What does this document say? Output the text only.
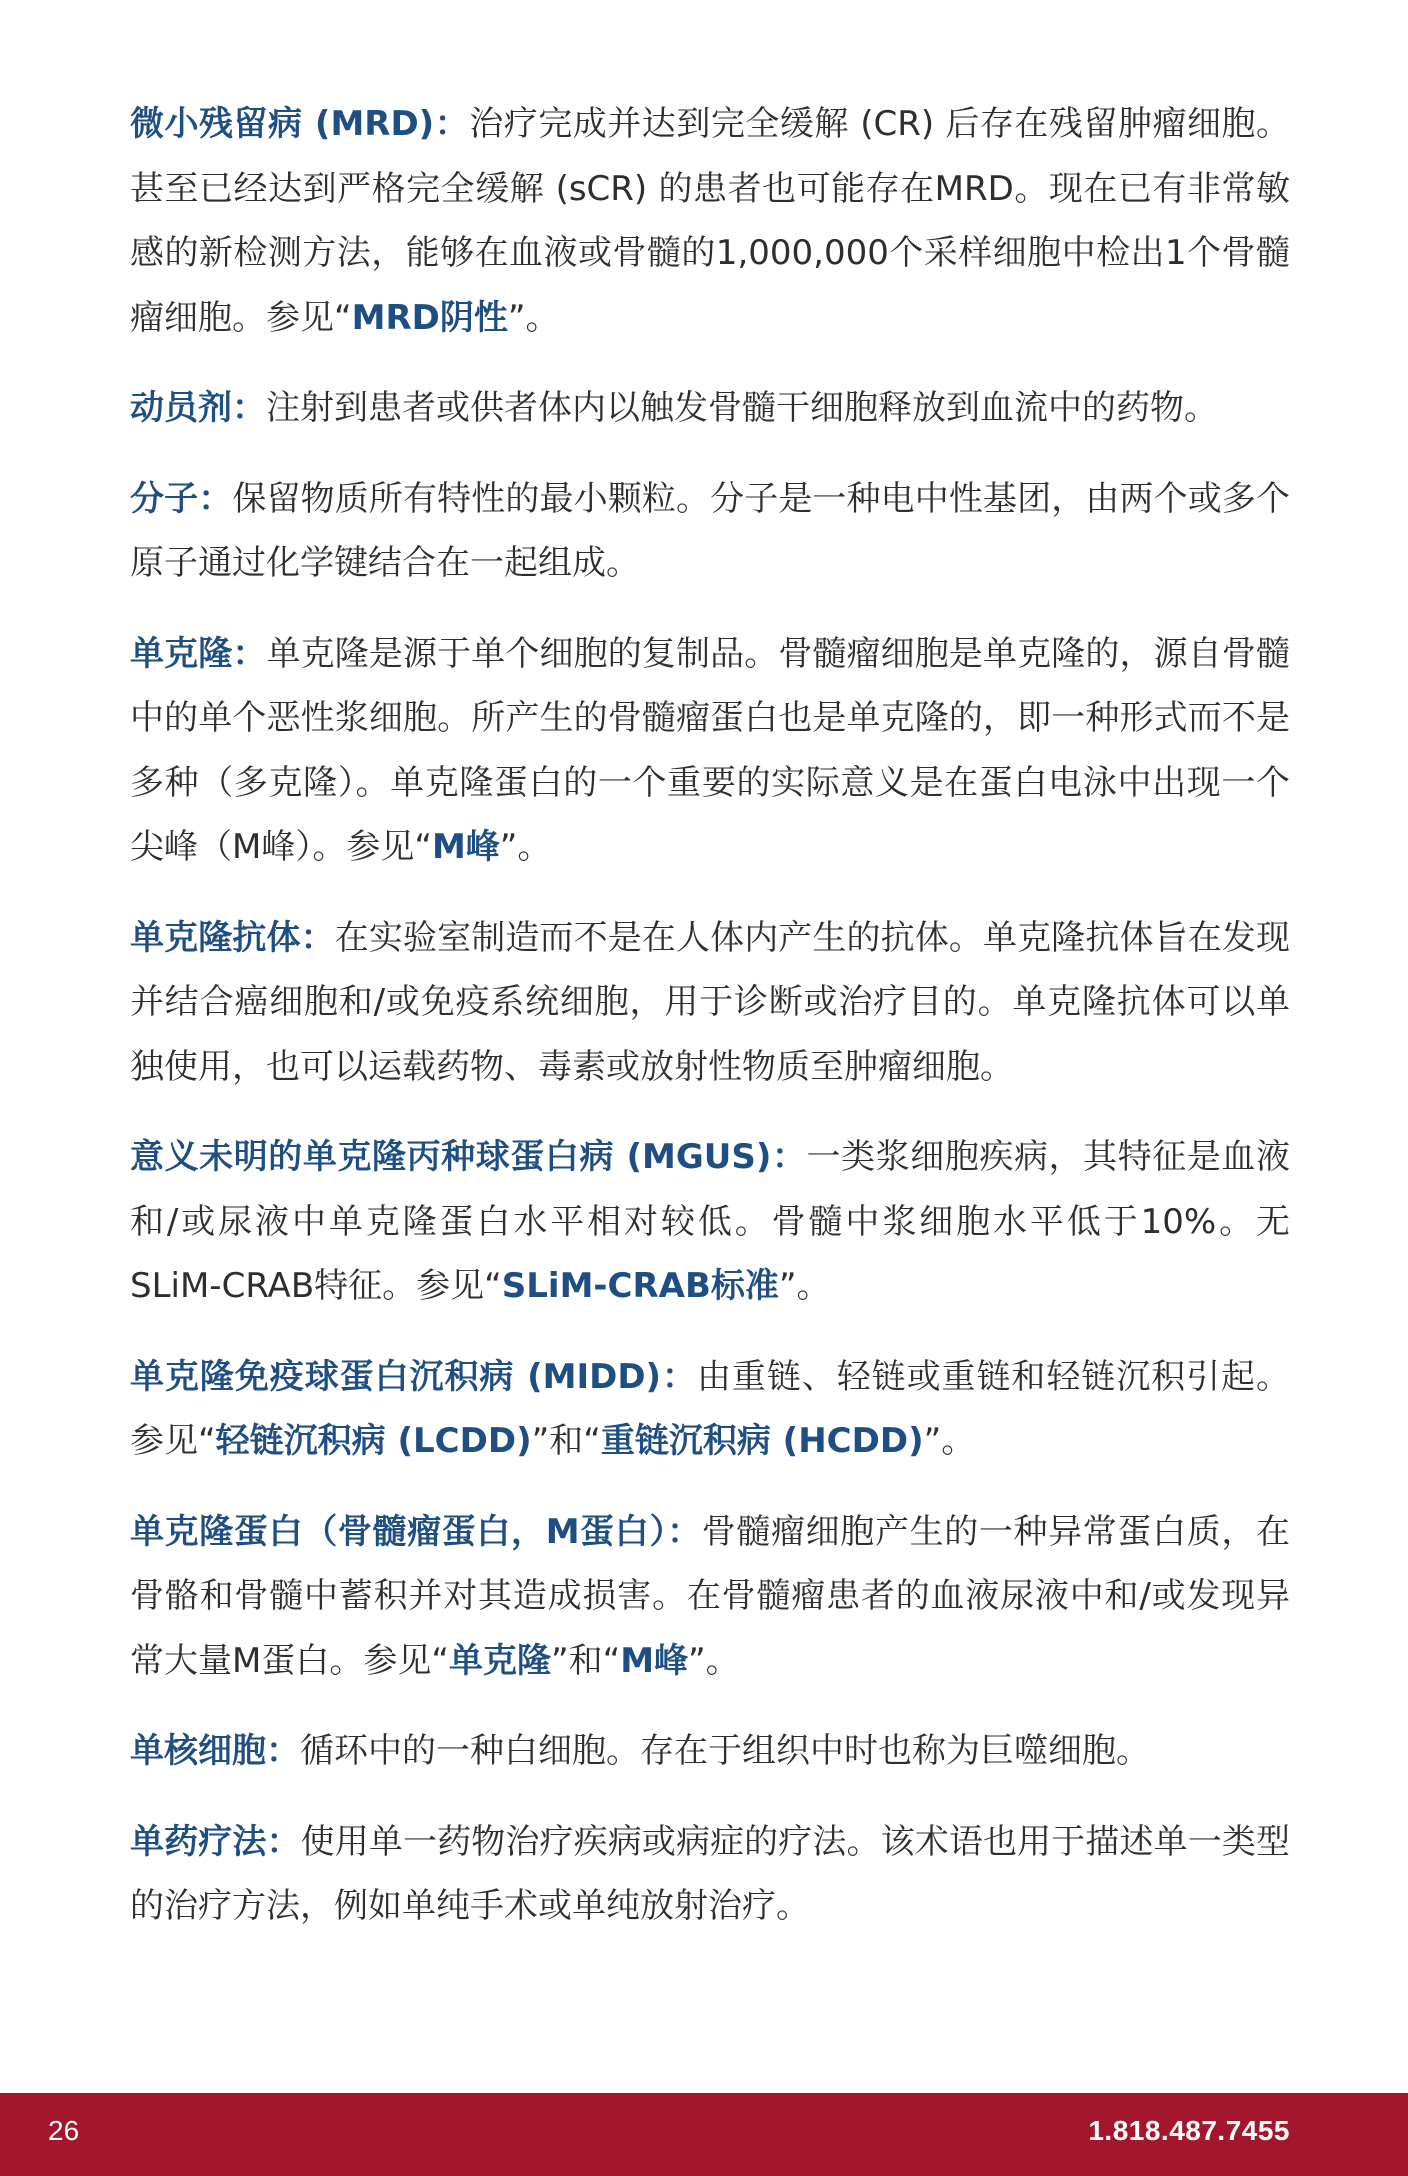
微小残留病 (MRD)：治疗完成并达到完全缓解 (CR) 后存在残留肿瘤细胞。甚至已经达到严格完全缓解 (sCR) 的患者也可能存在MRD。现在已有非常敏感的新检测方法，能够在血液或骨髓的1,000,000个采样细胞中检出1个骨髓瘤细胞。参见“MRD阴性”。

动员剂：注射到患者或供者体内以触发骨髓干细胞释放到血流中的药物。

分子：保留物质所有特性的最小颗粒。分子是一种电中性基团，由两个或多个原子通过化学键结合在一起组成。

单克隆：单克隆是源于单个细胞的复制品。骨髓瘤细胞是单克隆的，源自骨髓中的单个恶性浆细胞。所产生的骨髓瘤蛋白也是单克隆的，即一种形式而不是多种（多克隆）。单克隆蛋白的一个重要的实际意义是在蛋白电泳中出现一个尖峰（M峰）。参见“M峰”。

单克隆抗体：在实验室制造而不是在人体内产生的抗体。单克隆抗体旨在发现并结合癌细胞和/或免疫系统细胞，用于诊断或治疗目的。单克隆抗体可以单独使用，也可以运载药物、毒素或放射性物质至肿瘤细胞。

意义未明的单克隆丙种球蛋白病 (MGUS)：一类浆细胞疾病，其特征是血液和/或尿液中单克隆蛋白水平相对较低。骨髓中浆细胞水平低于10%。无SLiM-CRAB特征。参见“SLiM-CRAB标准”。

单克隆免疫球蛋白沉积病 (MIDD)：由重链、轻链或重链和轻链沉积引起。参见“轻链沉积病 (LCDD)”和“重链沉积病 (HCDD)”。

单克隆蛋白（骨髓瘤蛋白，M蛋白）：骨髓瘤细胞产生的一种异常蛋白质，在骨骼和骨髓中蓄积并对其造成损害。在骨髓瘤患者的血液尿液中和/或发现异常大量M蛋白。参见“单克隆”和“M峰”。

单核细胞：循环中的一种白细胞。存在于组织中时也称为巨噬细胞。

单药疗法：使用单一药物治疗疾病或病症的疗法。该术语也用于描述单一类型的治疗方法，例如单纯手术或单纯放射治疗。

26	1.818.487.7455
